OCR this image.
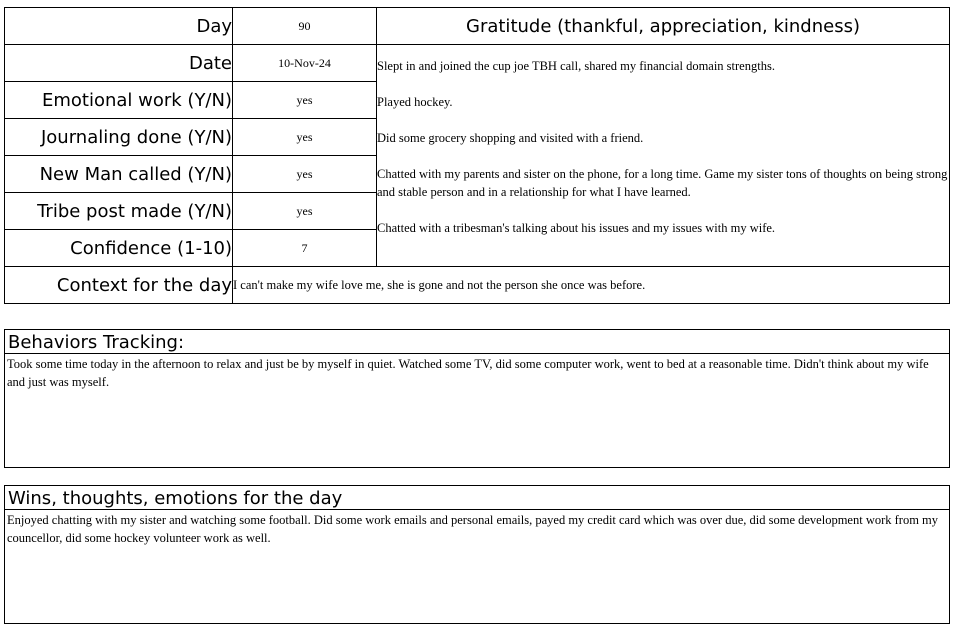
Day	90	Gratitude (thankful, appreciation, kindness)
Date	10-Nov-24	Slept in and joined the cup joe TBH call, shared my financial domain strengths.
Played hockey.
Did some grocery shopping and visited with a friend.
Chatted with my parents and sister on the phone, for a long time. Game my sister tons of thoughts on being strong and stable person and in a relationship for what I have learned.
Chatted with a tribesman's talking about his issues and my issues with my wife.

Emotional work (Y/N)	yes	
Journaling done (Y/N)	yes	
New Man called (Y/N)	yes	
Tribe post made (Y/N)	yes	
Confidence (1-10)	7	
Context for the day	I can't make my wife love me, she is gone and not the person she once was before.	
Behaviors Tracking:
Took some time today in the afternoon to relax and just be by myself in quiet. Watched some TV, did some computer work, went to bed at a reasonable time. Didn't think about my wife and just was myself.
Wins, thoughts, emotions for the day
Enjoyed chatting with my sister and watching some football. Did some work emails and personal emails, payed my credit card which was over due, did some development work from my councellor, did some hockey volunteer work as well.
